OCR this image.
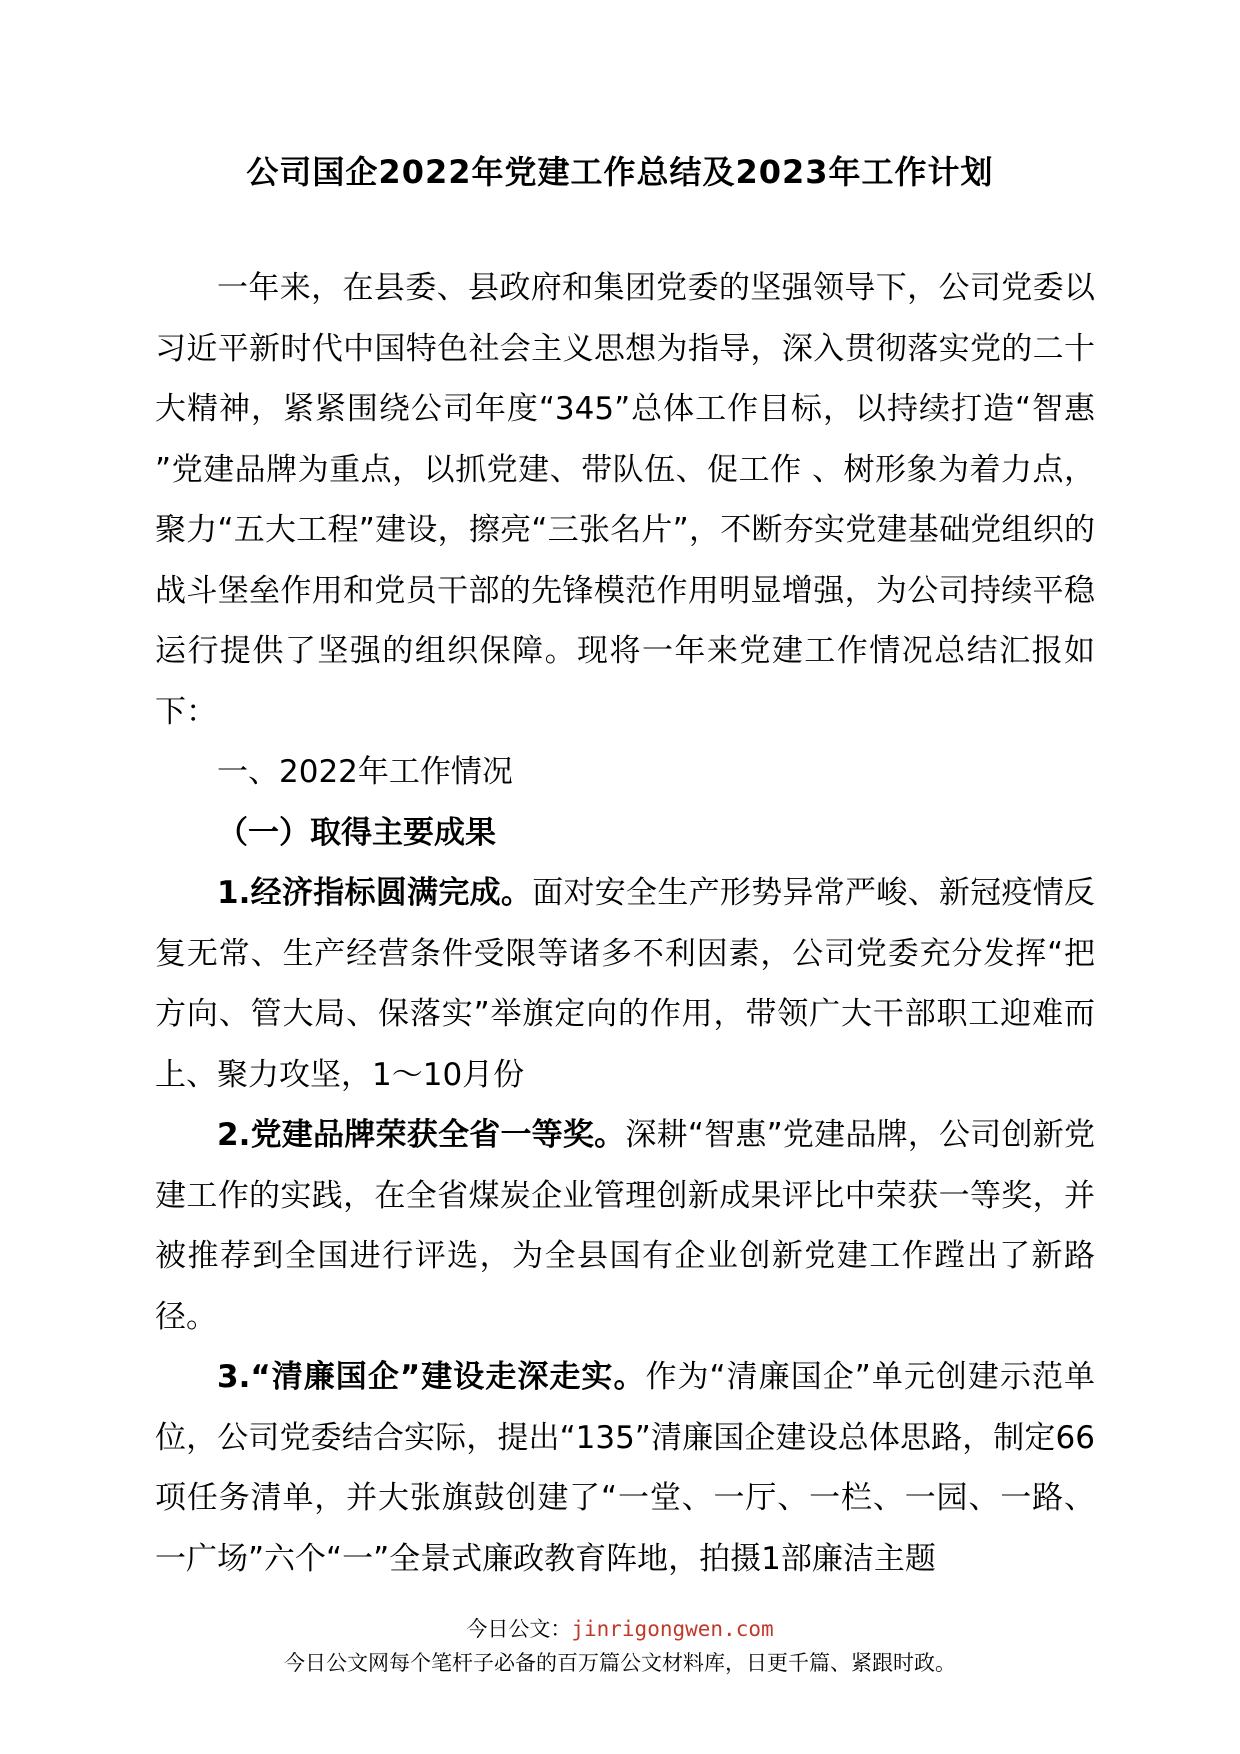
公司国企2022年党建工作总结及2023年工作计划

一年来，在县委、县政府和集团党委的坚强领导下，公司党委以习近平新时代中国特色社会主义思想为指导，深入贯彻落实党的二十大精神，紧紧围绕公司年度“345”总体工作目标，以持续打造“智惠 ”党建品牌为重点，以抓党建、带队伍、促工作 、树形象为着力点，聚力“五大工程”建设，擦亮“三张名片”，不断夯实党建基础党组织的战斗堡垒作用和党员干部的先锋模范作用明显增强，为公司持续平稳运行提供了坚强的组织保障。现将一年来党建工作情况总结汇报如下：

一、2022年工作情况

（一）取得主要成果

1.经济指标圆满完成。面对安全生产形势异常严峻、新冠疫情反复无常、生产经营条件受限等诸多不利因素，公司党委充分发挥“把方向、管大局、保落实”举旗定向的作用，带领广大干部职工迎难而上、聚力攻坚，1～10月份

2.党建品牌荣获全省一等奖。深耕“智惠”党建品牌，公司创新党建工作的实践，在全省煤炭企业管理创新成果评比中荣获一等奖，并被推荐到全国进行评选，为全县国有企业创新党建工作蹚出了新路径。

3.“清廉国企”建设走深走实。作为“清廉国企”单元创建示范单位，公司党委结合实际，提出“135”清廉国企建设总体思路，制定66项任务清单，并大张旗鼓创建了“一堂、一厅、一栏、一园、一路、一广场”六个“一”全景式廉政教育阵地，拍摄1部廉洁主题

今日公文：jinrigongwen.com
今日公文网每个笔杆子必备的百万篇公文材料库，日更千篇、紧跟时政。
